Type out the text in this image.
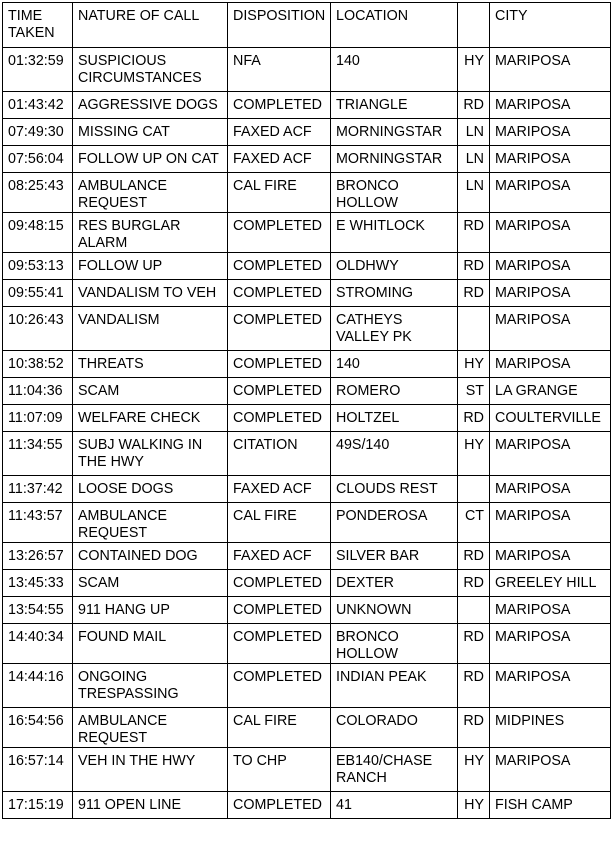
TIME TAKEN	NATURE OF CALL	DISPOSITION	LOCATION		CITY
01:32:59	SUSPICIOUS CIRCUMSTANCES	NFA	140	HY	MARIPOSA
01:43:42	AGGRESSIVE DOGS	COMPLETED	TRIANGLE	RD	MARIPOSA
07:49:30	MISSING CAT	FAXED ACF	MORNINGSTAR	LN	MARIPOSA
07:56:04	FOLLOW UP ON CAT	FAXED ACF	MORNINGSTAR	LN	MARIPOSA
08:25:43	AMBULANCE REQUEST	CAL FIRE	BRONCO HOLLOW	LN	MARIPOSA
09:48:15	RES BURGLAR ALARM	COMPLETED	E WHITLOCK	RD	MARIPOSA
09:53:13	FOLLOW UP	COMPLETED	OLDHWY	RD	MARIPOSA
09:55:41	VANDALISM TO VEH	COMPLETED	STROMING	RD	MARIPOSA
10:26:43	VANDALISM	COMPLETED	CATHEYS VALLEY PK		MARIPOSA
10:38:52	THREATS	COMPLETED	140	HY	MARIPOSA
11:04:36	SCAM	COMPLETED	ROMERO	ST	LA GRANGE
11:07:09	WELFARE CHECK	COMPLETED	HOLTZEL	RD	COULTERVILLE
11:34:55	SUBJ WALKING IN THE HWY	CITATION	49S/140	HY	MARIPOSA
11:37:42	LOOSE DOGS	FAXED ACF	CLOUDS REST		MARIPOSA
11:43:57	AMBULANCE REQUEST	CAL FIRE	PONDEROSA	CT	MARIPOSA
13:26:57	CONTAINED DOG	FAXED ACF	SILVER BAR	RD	MARIPOSA
13:45:33	SCAM	COMPLETED	DEXTER	RD	GREELEY HILL
13:54:55	911 HANG UP	COMPLETED	UNKNOWN		MARIPOSA
14:40:34	FOUND MAIL	COMPLETED	BRONCO HOLLOW	RD	MARIPOSA
14:44:16	ONGOING TRESPASSING	COMPLETED	INDIAN PEAK	RD	MARIPOSA
16:54:56	AMBULANCE REQUEST	CAL FIRE	COLORADO	RD	MIDPINES
16:57:14	VEH IN THE HWY	TO CHP	EB140/CHASE RANCH	HY	MARIPOSA
17:15:19	911 OPEN LINE	COMPLETED	41	HY	FISH CAMP
